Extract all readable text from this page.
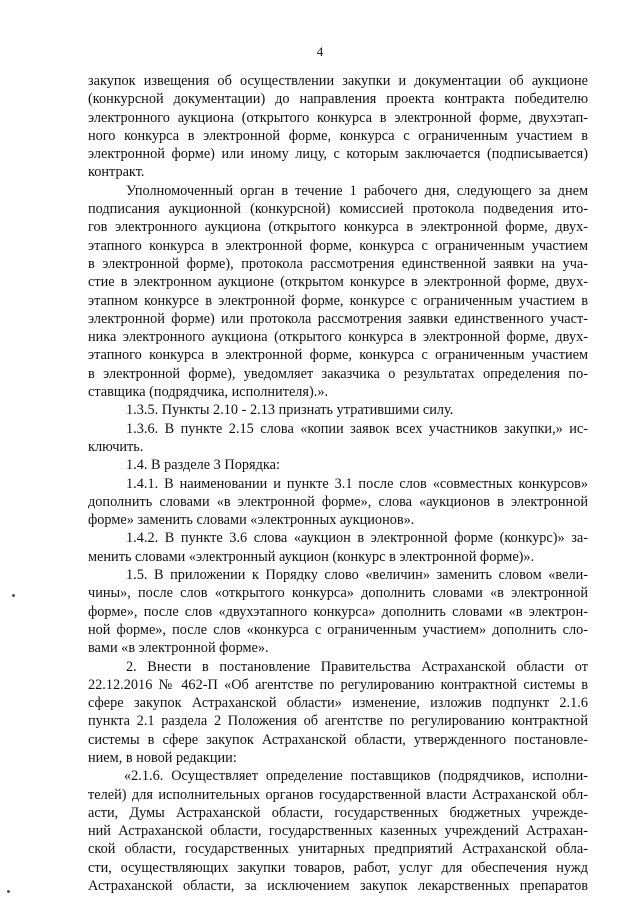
4
закупок извещения об осуществлении закупки и документации об аукционе
(конкурсной документации) до направления проекта контракта победителю
электронного аукциона (открытого конкурса в электронной форме, двухэтап-
ного конкурса в электронной форме, конкурса с ограниченным участием в
электронной форме) или иному лицу, с которым заключается (подписывается)
контракт.
Уполномоченный орган в течение 1 рабочего дня, следующего за днем
подписания аукционной (конкурсной) комиссией протокола подведения ито-
гов электронного аукциона (открытого конкурса в электронной форме, двух-
этапного конкурса в электронной форме, конкурса с ограниченным участием
в электронной форме), протокола рассмотрения единственной заявки на уча-
стие в электронном аукционе (открытом конкурсе в электронной форме, двух-
этапном конкурсе в электронной форме, конкурсе с ограниченным участием в
электронной форме) или протокола рассмотрения заявки единственного участ-
ника электронного аукциона (открытого конкурса в электронной форме, двух-
этапного конкурса в электронной форме, конкурса с ограниченным участием
в электронной форме), уведомляет заказчика о результатах определения по-
ставщика (подрядчика, исполнителя).».
1.3.5. Пункты 2.10 - 2.13 признать утратившими силу.
1.3.6. В пункте 2.15 слова «копии заявок всех участников закупки,» ис-
ключить.
1.4. В разделе 3 Порядка:
1.4.1. В наименовании и пункте 3.1 после слов «совместных конкурсов»
дополнить словами «в электронной форме», слова «аукционов в электронной
форме» заменить словами «электронных аукционов».
1.4.2. В пункте 3.6 слова «аукцион в электронной форме (конкурс)» за-
менить словами «электронный аукцион (конкурс в электронной форме)».
1.5. В приложении к Порядку слово «величин» заменить словом «вели-
чины», после слов «открытого конкурса» дополнить словами «в электронной
форме», после слов «двухэтапного конкурса» дополнить словами «в электрон-
ной форме», после слов «конкурса с ограниченным участием» дополнить сло-
вами «в электронной форме».
2. Внести в постановление Правительства Астраханской области от
22.12.2016 № 462-П «Об агентстве по регулированию контрактной системы в
сфере закупок Астраханской области» изменение, изложив подпункт 2.1.6
пункта 2.1 раздела 2 Положения об агентстве по регулированию контрактной
системы в сфере закупок Астраханской области, утвержденного постановле-
нием, в новой редакции:
«2.1.6. Осуществляет определение поставщиков (подрядчиков, исполни-
телей) для исполнительных органов государственной власти Астраханской обл-
асти, Думы Астраханской области, государственных бюджетных учрежде-
ний Астраханской области, государственных казенных учреждений Астрахан-
ской области, государственных унитарных предприятий Астраханской обла-
сти, осуществляющих закупки товаров, работ, услуг для обеспечения нужд
Астраханской области, за исключением закупок лекарственных препаратов
